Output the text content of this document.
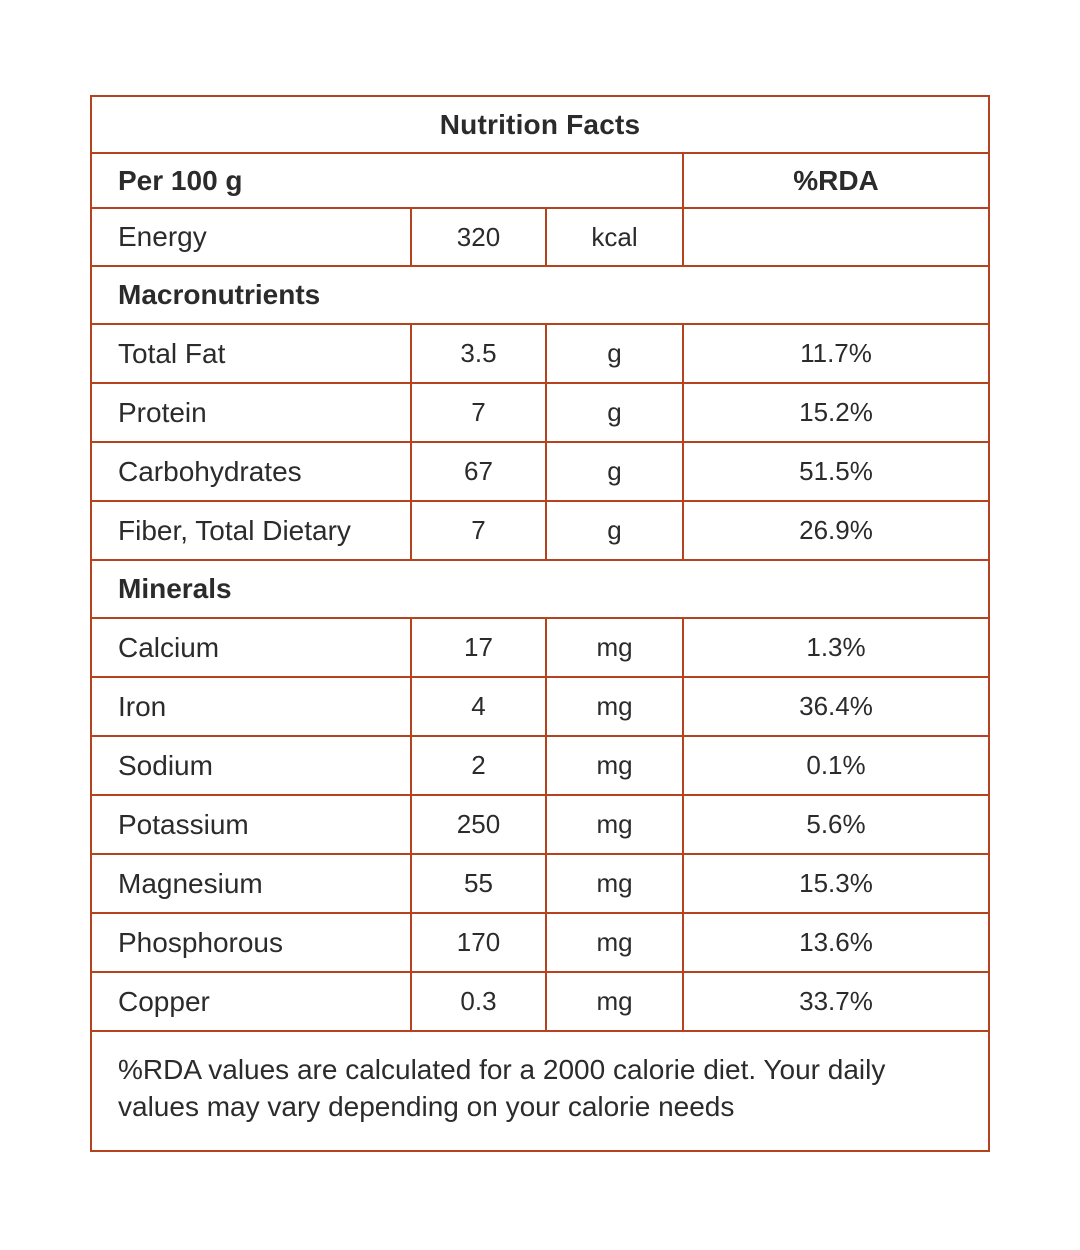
Nutrition Facts			
Per 100 g			%RDA
Energy	320	kcal	
Macronutrients			
Total Fat	3.5	g	11.7%
Protein	7	g	15.2%
Carbohydrates	67	g	51.5%
Fiber, Total Dietary	7	g	26.9%
Minerals			
Calcium	17	mg	1.3%
Iron	4	mg	36.4%
Sodium	2	mg	0.1%
Potassium	250	mg	5.6%
Magnesium	55	mg	15.3%
Phosphorous	170	mg	13.6%
Copper	0.3	mg	33.7%
%RDA values are calculated for a 2000 calorie diet. Your daily values may vary depending on your calorie needs			
